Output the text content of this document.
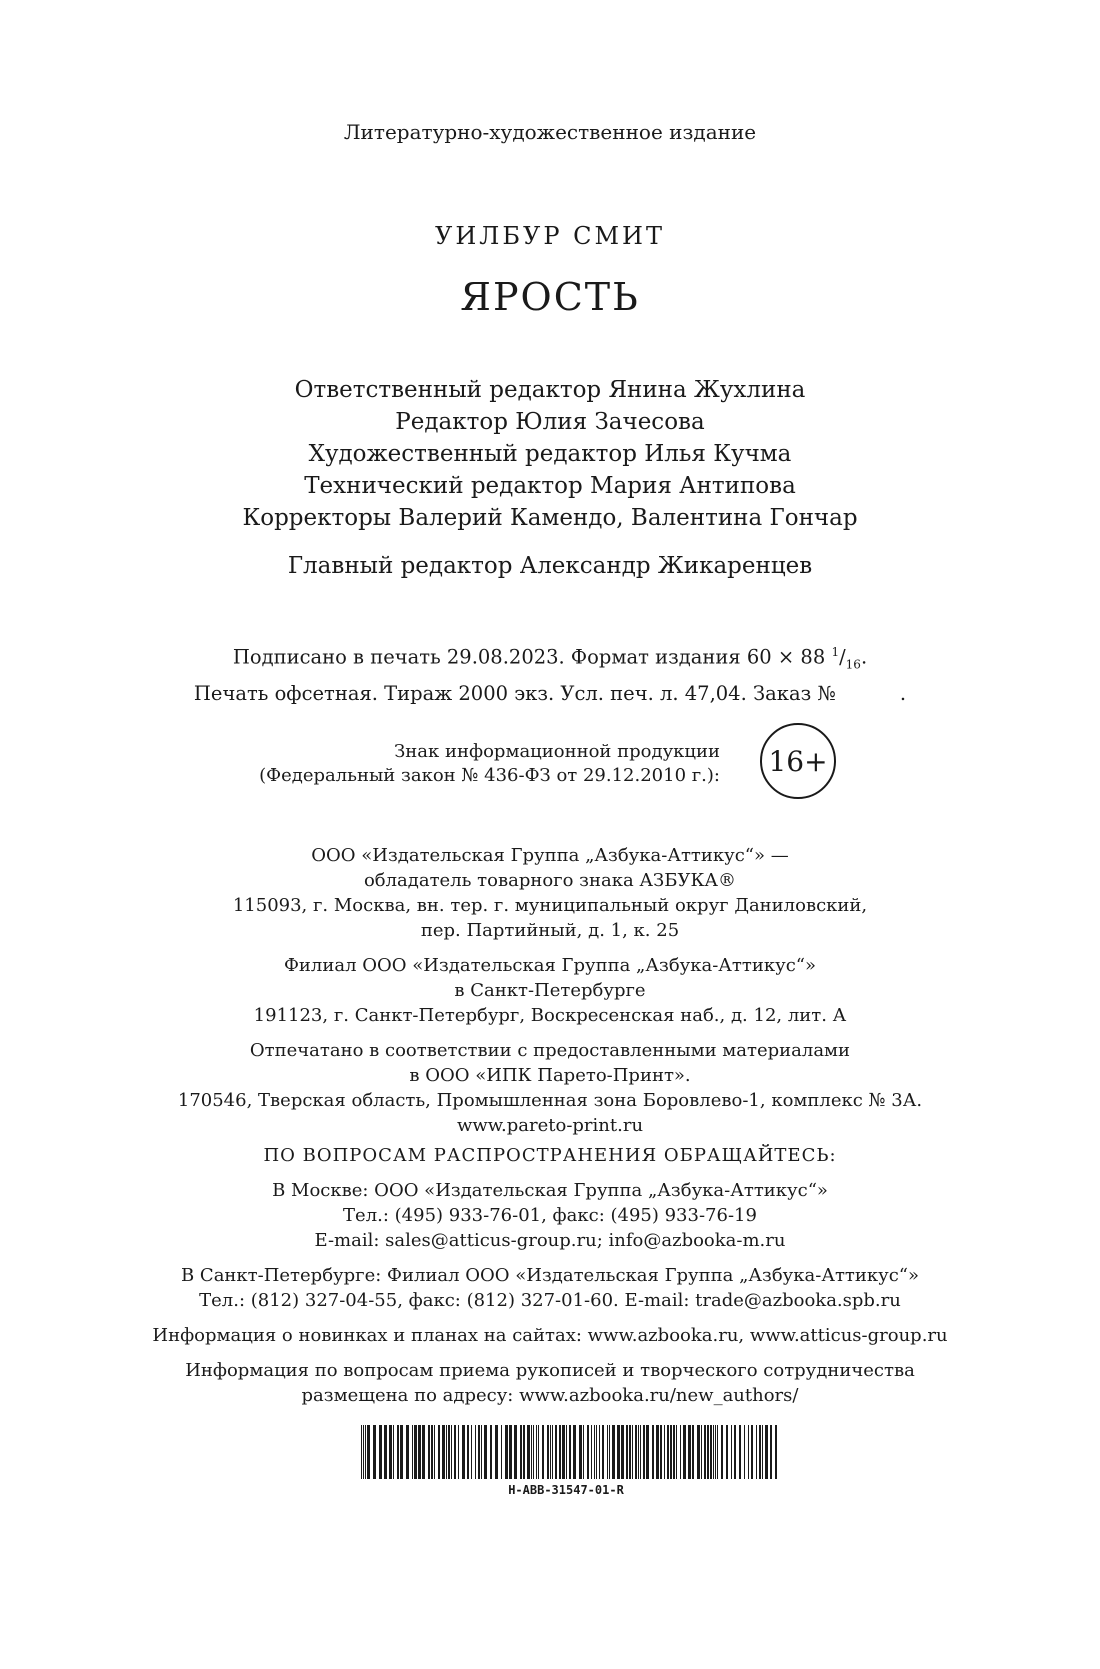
Литературно-художественное издание
УИЛБУР СМИТ
ЯРОСТЬ
Ответственный редактор Янина Жухлина
Редактор Юлия Зачесова
Художественный редактор Илья Кучма
Технический редактор Мария Антипова
Корректоры Валерий Камендо, Валентина Гончар
Главный редактор Александр Жикаренцев
Подписано в печать 29.08.2023. Формат издания 60 × 88 $^1/_{16}$.
Печать офсетная. Тираж 2000 экз. Усл. печ. л. 47,04. Заказ №	.
Знак информационной продукции
(Федеральный закон № 436-ФЗ от 29.12.2010 г.):	16+

ООО «Издательская Группа „Азбука-Аттикус“» —

обладатель товарного знака АЗБУКА®

115093, г. Москва, вн. тер. г. муниципальный округ Даниловский,

пер. Партийный, д. 1, к. 25

Филиал ООО «Издательская Группа „Азбука-Аттикус“»

в Санкт-Петербурге

191123, г. Санкт-Петербург, Воскресенская наб., д. 12, лит. А

Отпечатано в соответствии с предоставленными материалами

в ООО «ИПК Парето-Принт».

170546, Тверская область, Промышленная зона Боровлево-1, комплекс № 3А.

www.pareto-print.ru

ПО ВОПРОСАМ РАСПРОСТРАНЕНИЯ ОБРАЩАЙТЕСЬ:

В Москве: ООО «Издательская Группа „Азбука-Аттикус“»

Тел.: (495) 933-76-01, факс: (495) 933-76-19

E-mail: sales@atticus-group.ru; info@azbooka-m.ru

В Санкт-Петербурге: Филиал ООО «Издательская Группа „Азбука-Аттикус“»

Тел.: (812) 327-04-55, факс: (812) 327-01-60. E-mail: trade@azbooka.spb.ru

Информация о новинках и планах на сайтах: www.azbooka.ru, www.atticus-group.ru

Информация по вопросам приема рукописей и творческого сотрудничества

размещена по адресу: www.azbooka.ru/new_authors/

H-ABB-31547-01-R
